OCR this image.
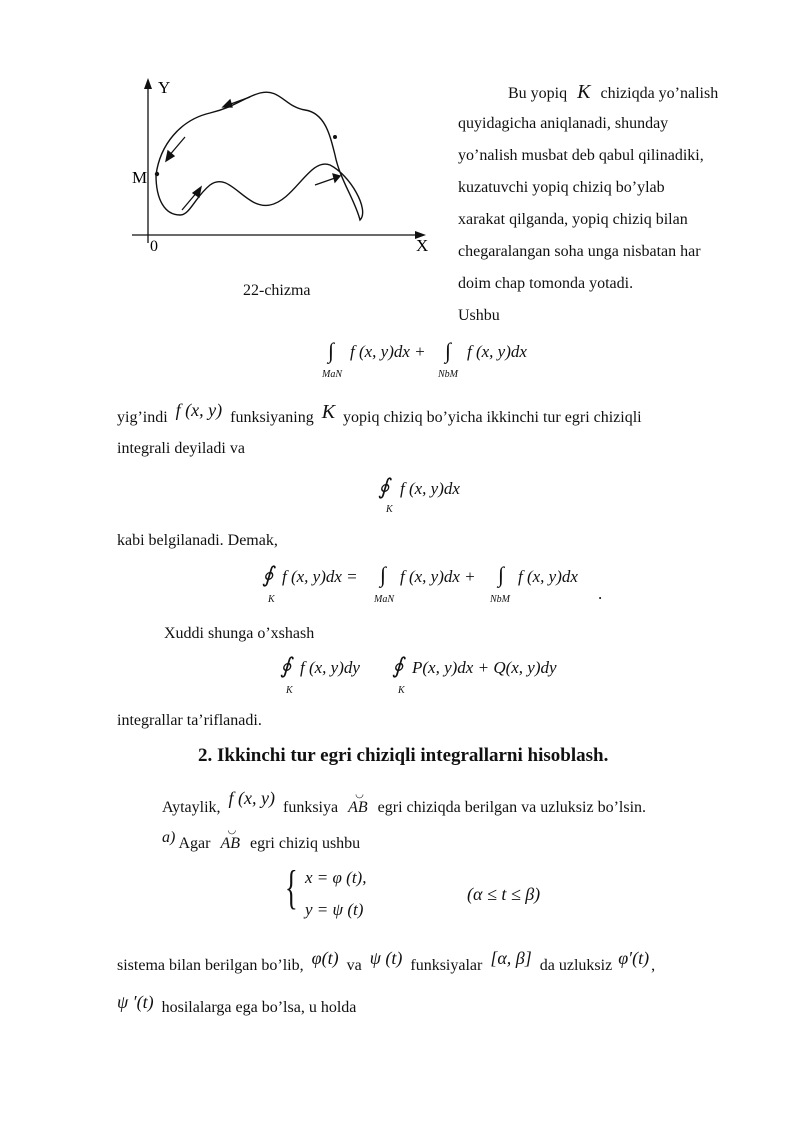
Y
X
M
0
22-chizma
Bu yopiq K chiziqda yo’nalish
quyidagicha aniqlanadi, shunday
yo’nalish musbat deb qabul qilinadiki,
kuzatuvchi yopiq chiziq bo’ylab
xarakat qilganda, yopiq chiziq bilan
chegaralangan soha unga nisbatan har
doim chap tomonda yotadi.
Ushbu
∫
MaN
f (x, y)dx + ∫
NbM
f (x, y)dx
yig’indi f (x, y) funksiyaning K yopiq chiziq bo’yicha ikkinchi tur egri chiziqli
integrali deyiladi va
∮
K
f (x, y)dx
kabi belgilanadi. Demak,
∮
K
f (x, y)dx = ∫
MaN
f (x, y)dx + ∫
NbM
f (x, y)dx
.
Xuddi shunga o’xshash
∮
K
f (x, y)dy ∮
K
P(x, y)dx + Q(x, y)dy
integrallar ta’riflanadi.
2. Ikkinchi tur egri chiziqli integrallarni hisoblash.
Aytaylik, f (x, y) funksiya
◡
AB egri chiziqda berilgan va uzluksiz bo’lsin.
a) Agar
◡
AB egri chiziq ushbu
{ x = φ (t),
y = ψ (t)
(α ≤ t ≤ β)
sistema bilan berilgan bo’lib, φ(t) va ψ (t) funksiyalar [α, β] da uzluksiz φ′(t) ,
ψ ′(t) hosilalarga ega bo’lsa, u holda
